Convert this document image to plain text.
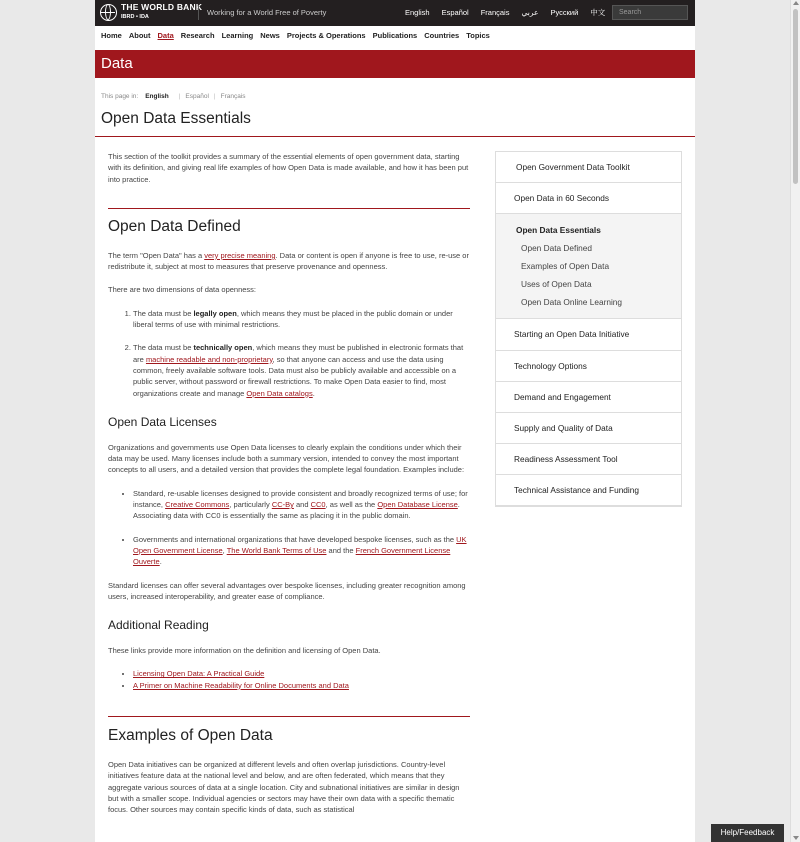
THE WORLD BANK
IBRD • IDA	Working for a World Free of Poverty	English Español Français عربي Русский 中文	Search
Home About Data Research Learning News Projects & Operations Publications Countries Topics
Data
This page in: English | Español | Français
Open Data Essentials

This section of the toolkit provides a summary of the essential elements of open government data, starting with its definition, and giving real life examples of how Open Data is made available, and how it has been put into practice.

Open Data Defined

The term "Open Data" has a very precise meaning. Data or content is open if anyone is free to use, re-use or redistribute it, subject at most to measures that preserve provenance and openness.

There are two dimensions of data openness:

1. The data must be legally open, which means they must be placed in the public domain or under liberal terms of use with minimal restrictions.
2. The data must be technically open, which means they must be published in electronic formats that are machine readable and non-proprietary, so that anyone can access and use the data using common, freely available software tools. Data must also be publicly available and accessible on a public server, without password or firewall restrictions. To make Open Data easier to find, most organizations create and manage Open Data catalogs.
Open Data Licenses

Organizations and governments use Open Data licenses to clearly explain the conditions under which their data may be used. Many licenses include both a summary version, intended to convey the most important concepts to all users, and a detailed version that provides the complete legal foundation. Examples include:

• Standard, re-usable licenses designed to provide consistent and broadly recognized terms of use; for instance, Creative Commons, particularly CC-By and CC0, as well as the Open Database License. Associating data with CC0 is essentially the same as placing it in the public domain.
• Governments and international organizations that have developed bespoke licenses, such as the UK Open Government License, The World Bank Terms of Use and the French Government License Ouverte.

Standard licenses can offer several advantages over bespoke licenses, including greater recognition among users, increased interoperability, and greater ease of compliance.

Additional Reading

These links provide more information on the definition and licensing of Open Data.

• Licensing Open Data: A Practical Guide
• A Primer on Machine Readability for Online Documents and Data
Examples of Open Data

Open Data initiatives can be organized at different levels and often overlap jurisdictions. Country-level initiatives feature data at the national level and below, and are often federated, which means that they aggregate various sources of data at a single location. City and subnational initiatives are similar in design but with a smaller scope. Individual agencies or sectors may have their own data with a specific thematic focus. Other sources may contain specific kinds of data, such as statistical

Open Government Data Toolkit
Open Data in 60 Seconds
Open Data Essentials
Open Data Defined
Examples of Open Data
Uses of Open Data
Open Data Online Learning
Starting an Open Data Initiative
Technology Options
Demand and Engagement
Supply and Quality of Data
Readiness Assessment Tool
Technical Assistance and Funding
Help/Feedback
